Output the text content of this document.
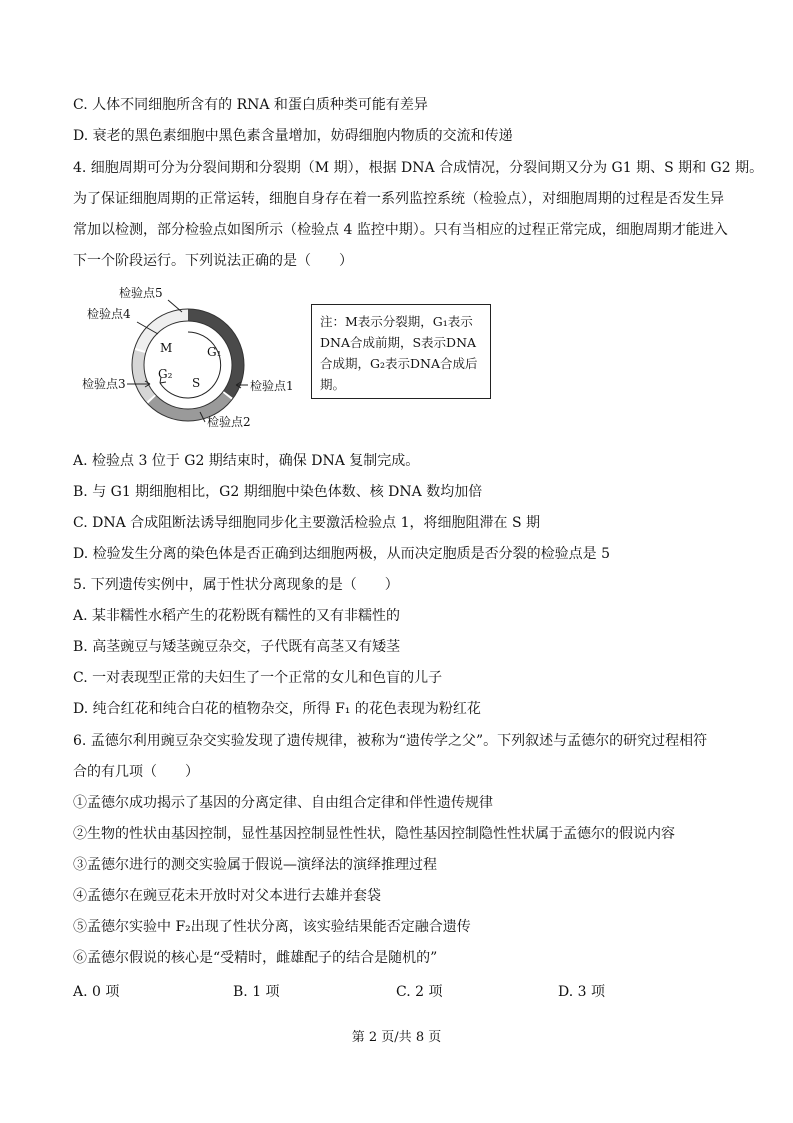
C. 人体不同细胞所含有的 RNA 和蛋白质种类可能有差异
D. 衰老的黑色素细胞中黑色素含量增加，妨碍细胞内物质的交流和传递
4. 细胞周期可分为分裂间期和分裂期（M 期），根据 DNA 合成情况，分裂间期又分为 G1 期、S 期和 G2 期。
为了保证细胞周期的正常运转，细胞自身存在着一系列监控系统（检验点），对细胞周期的过程是否发生异
常加以检测，部分检验点如图所示（检验点 4 监控中期）。只有当相应的过程正常完成，细胞周期才能进入
下一个阶段运行。下列说法正确的是（　　）
M	G₁
G₂
S
检验点5
检验点4
检验点3
检验点2
检验点1
注：M表示分裂期，G₁表示DNA合成前期，S表示DNA合成期，G₂表示DNA合成后期。
A. 检验点 3 位于 G2 期结束时，确保 DNA 复制完成。
B. 与 G1 期细胞相比，G2 期细胞中染色体数、核 DNA 数均加倍
C. DNA 合成阻断法诱导细胞同步化主要激活检验点 1，将细胞阻滞在 S 期
D. 检验发生分离的染色体是否正确到达细胞两极，从而决定胞质是否分裂的检验点是 5
5. 下列遗传实例中，属于性状分离现象的是（　　）
A. 某非糯性水稻产生的花粉既有糯性的又有非糯性的
B. 高茎豌豆与矮茎豌豆杂交，子代既有高茎又有矮茎
C. 一对表现型正常的夫妇生了一个正常的女儿和色盲的儿子
D. 纯合红花和纯合白花的植物杂交，所得 F₁ 的花色表现为粉红花
6. 孟德尔利用豌豆杂交实验发现了遗传规律，被称为“遗传学之父”。下列叙述与孟德尔的研究过程相符
合的有几项（　　）
①孟德尔成功揭示了基因的分离定律、自由组合定律和伴性遗传规律
②生物的性状由基因控制，显性基因控制显性性状，隐性基因控制隐性性状属于孟德尔的假说内容
③孟德尔进行的测交实验属于假说—演绎法的演绎推理过程
④孟德尔在豌豆花未开放时对父本进行去雄并套袋
⑤孟德尔实验中 F₂出现了性状分离，该实验结果能否定融合遗传
⑥孟德尔假说的核心是“受精时，雌雄配子的结合是随机的”
A. 0 项	B. 1 项	C. 2 项	D. 3 项
第 2 页/共 8 页
